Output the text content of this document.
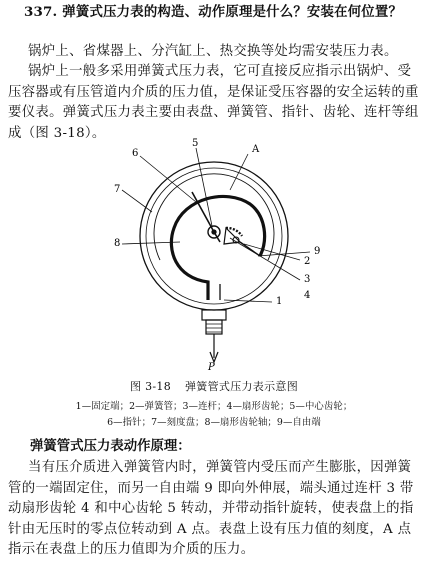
337. 弹簧式压力表的构造、动作原理是什么？安装在何位置？
锅炉上、省煤器上、分汽缸上、热交换等处均需安装压力表。
锅炉上一般多采用弹簧式压力表，它可直接反应指示出锅炉、受压容器或有压管道内介质的压力值，是保证受压容器的安全运转的重要仪表。弹簧式压力表主要由表盘、弹簧管、指针、齿轮、连杆等组成（图 3-18）。
6
5
A
7
8
9
2
3
4
1
P
图 3-18 弹簧管式压力表示意图
1—固定端；2—弹簧管；3—连杆；4—扇形齿轮；5—中心齿轮；
6—指针；7—刻度盘；8—扇形齿轮轴；9—自由端
弹簧管式压力表动作原理：
当有压介质进入弹簧管内时，弹簧管内受压而产生膨胀，因弹簧管的一端固定住，而另一自由端 9 即向外伸展，端头通过连杆 3 带动扇形齿轮 4 和中心齿轮 5 转动，并带动指针旋转，使表盘上的指针由无压时的零点位转动到 A 点。表盘上设有压力值的刻度，A 点指示在表盘上的压力值即为介质的压力。
